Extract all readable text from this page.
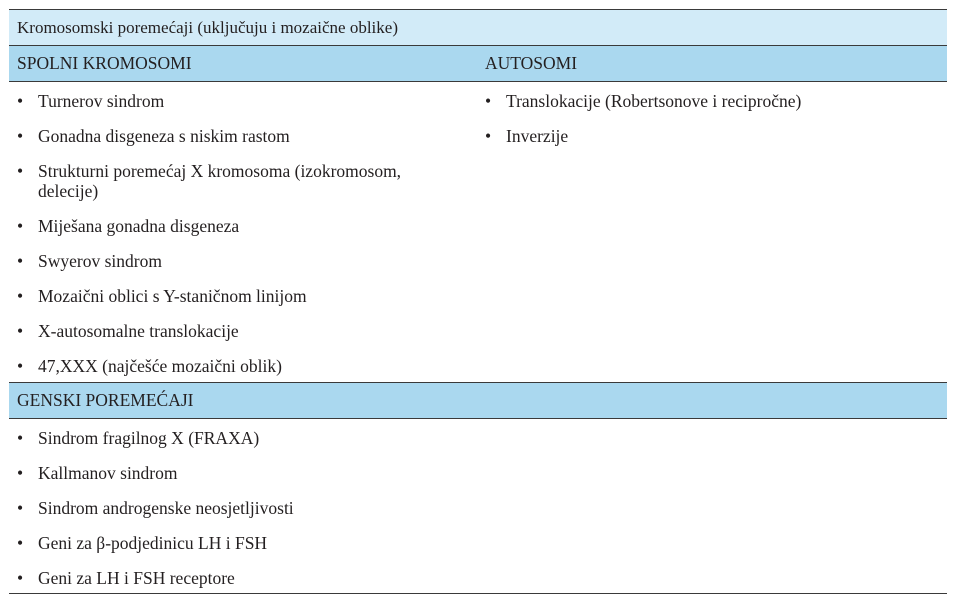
Kromosomski poremećaji (uključuju i mozaične oblike)
SPOLNI KROMOSOMI	AUTOSOMI
• Turnerov sindrom
• Gonadna disgeneza s niskim rastom
• Strukturni poremećaj X kromosoma (izokromosom, delecije)
• Miješana gonadna disgeneza
• Swyerov sindrom
• Mozaični oblici s Y-staničnom linijom
• X-autosomalne translokacije
• 47,XXX (najčešće mozaični oblik)
• Translokacije (Robertsonove i recipročne)
• Inverzije
GENSKI POREMEĆAJI
• Sindrom fragilnog X (FRAXA)
• Kallmanov sindrom
• Sindrom androgenske neosjetljivosti
• Geni za β-podjedinicu LH i FSH
• Geni za LH i FSH receptore
